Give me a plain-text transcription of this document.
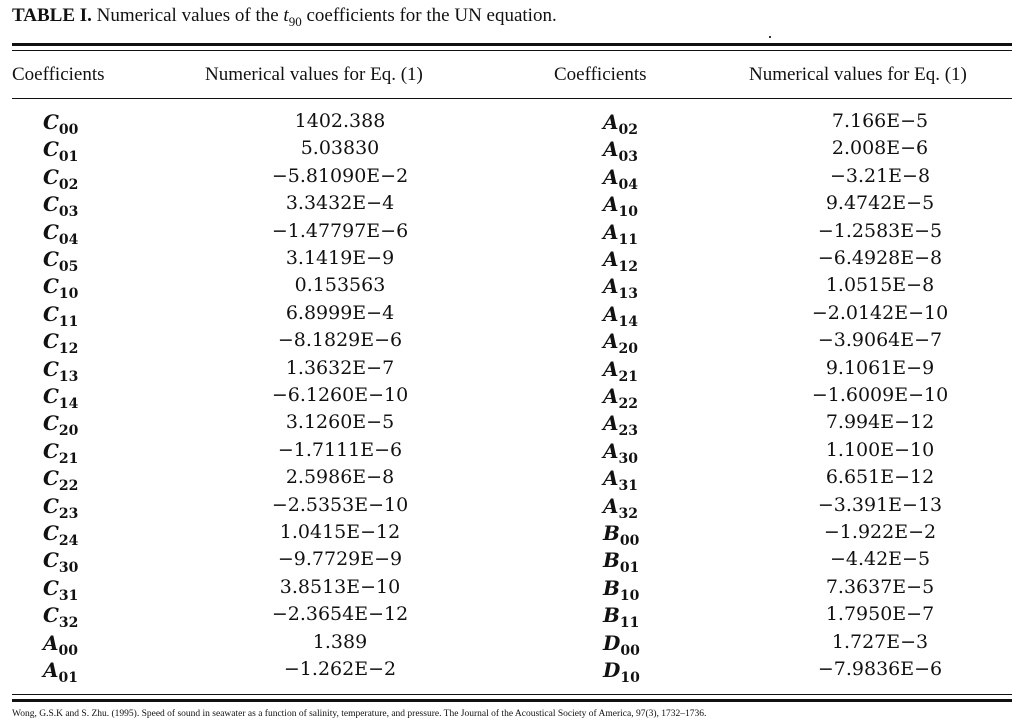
TABLE I. Numerical values of the $t_{90}$ coefficients for the UN equation.
Coefficients	Numerical values for Eq. (1)	Coefficients	Numerical values for Eq. (1)
$C_{00}$	1402.388	$A_{02}$	7.166E−5
$C_{01}$	5.03830	$A_{03}$	2.008E−6
$C_{02}$	−5.81090E−2	$A_{04}$	−3.21E−8
$C_{03}$	3.3432E−4	$A_{10}$	9.4742E−5
$C_{04}$	−1.47797E−6	$A_{11}$	−1.2583E−5
$C_{05}$	3.1419E−9	$A_{12}$	−6.4928E−8
$C_{10}$	0.153563	$A_{13}$	1.0515E−8
$C_{11}$	6.8999E−4	$A_{14}$	−2.0142E−10
$C_{12}$	−8.1829E−6	$A_{20}$	−3.9064E−7
$C_{13}$	1.3632E−7	$A_{21}$	9.1061E−9
$C_{14}$	−6.1260E−10	$A_{22}$	−1.6009E−10
$C_{20}$	3.1260E−5	$A_{23}$	7.994E−12
$C_{21}$	−1.7111E−6	$A_{30}$	1.100E−10
$C_{22}$	2.5986E−8	$A_{31}$	6.651E−12
$C_{23}$	−2.5353E−10	$A_{32}$	−3.391E−13
$C_{24}$	1.0415E−12	$B_{00}$	−1.922E−2
$C_{30}$	−9.7729E−9	$B_{01}$	−4.42E−5
$C_{31}$	3.8513E−10	$B_{10}$	7.3637E−5
$C_{32}$	−2.3654E−12	$B_{11}$	1.7950E−7
$A_{00}$	1.389	$D_{00}$	1.727E−3
$A_{01}$	−1.262E−2	$D_{10}$	−7.9836E−6
Wong, G.S.K and S. Zhu. (1995). Speed of sound in seawater as a function of salinity, temperature, and pressure. The Journal of the Acoustical Society of America, 97(3), 1732–1736.
